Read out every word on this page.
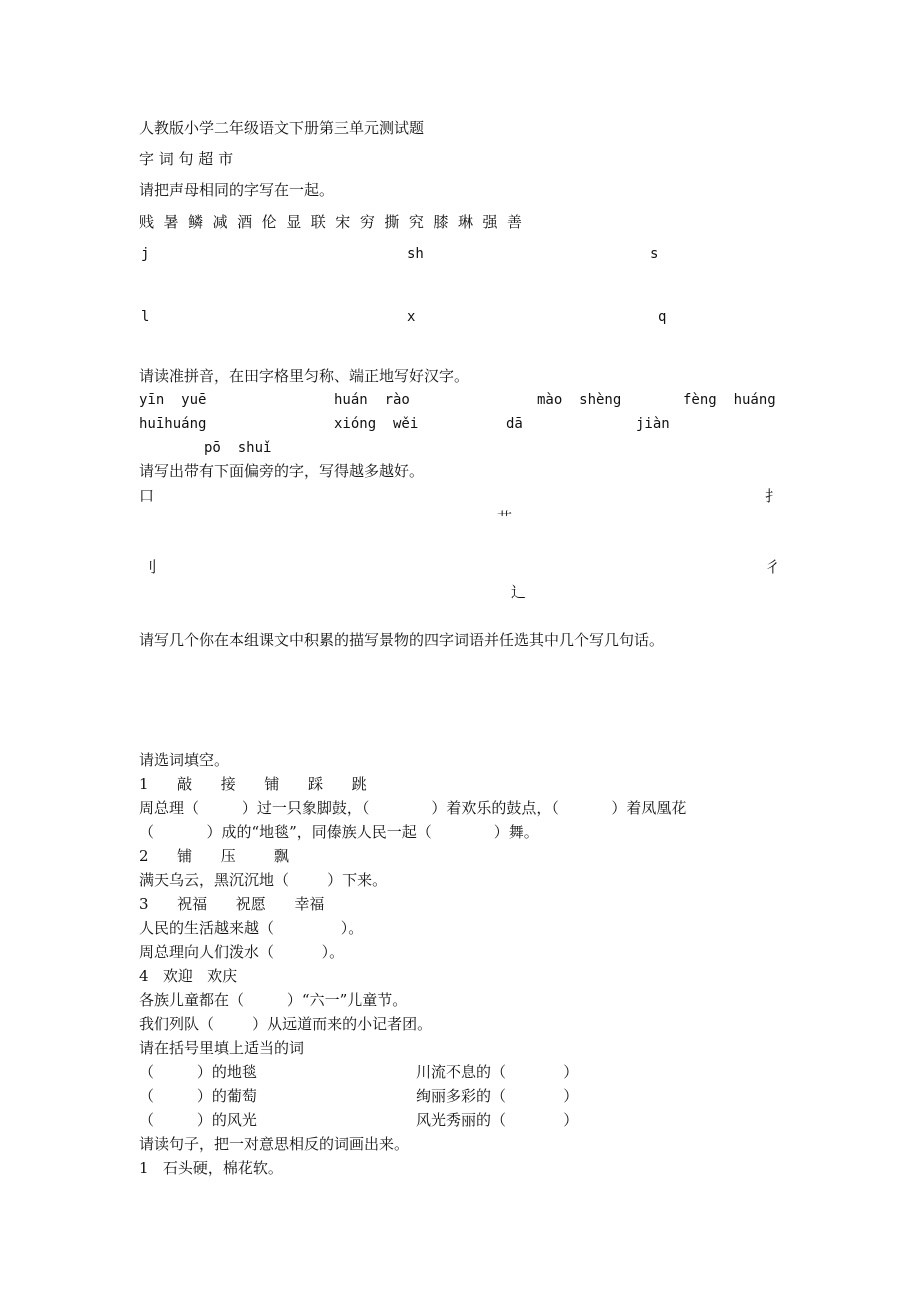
人教版小学二年级语文下册第三单元测试题
字 词 句 超 市
请把声母相同的字写在一起。
贱  暑  鳞  减  酒  伦  显  联  宋  穷  撕  究  膝  琳  强  善
j	sh	s
l	x	q
请读准拼音，在田字格里匀称、端正地写好汉字。
yīn  yuē	huán  rào	mào  shèng	fèng  huáng
huīhuáng	xióng  wěi	dā	jiàn
pō  shuǐ
请写出带有下面偏旁的字，写得越多越好。
口	扌
艹
刂	彳
辶
请写几个你在本组课文中积累的描写景物的四字词语并任选其中几个写几句话。
请选词填空。
1      敲      接      铺      踩      跳
周总理（         ）过一只象脚鼓，（             ）着欢乐的鼓点，（           ）着凤凰花
（           ）成的“地毯”，同傣族人民一起（             ）舞。
2      铺      压        飘
满天乌云，黑沉沉地（        ）下来。
3      祝福      祝愿      幸福
人民的生活越来越（              ）。
周总理向人们泼水（          ）。
4   欢迎   欢庆
各族儿童都在（         ）“六一”儿童节。
我们列队（        ）从远道而来的小记者团。
请在括号里填上适当的词
（         ）的地毯	川流不息的（            ）
（         ）的葡萄	绚丽多彩的（            ）
（         ）的风光	风光秀丽的（            ）
请读句子，把一对意思相反的词画出来。
1   石头硬，棉花软。
